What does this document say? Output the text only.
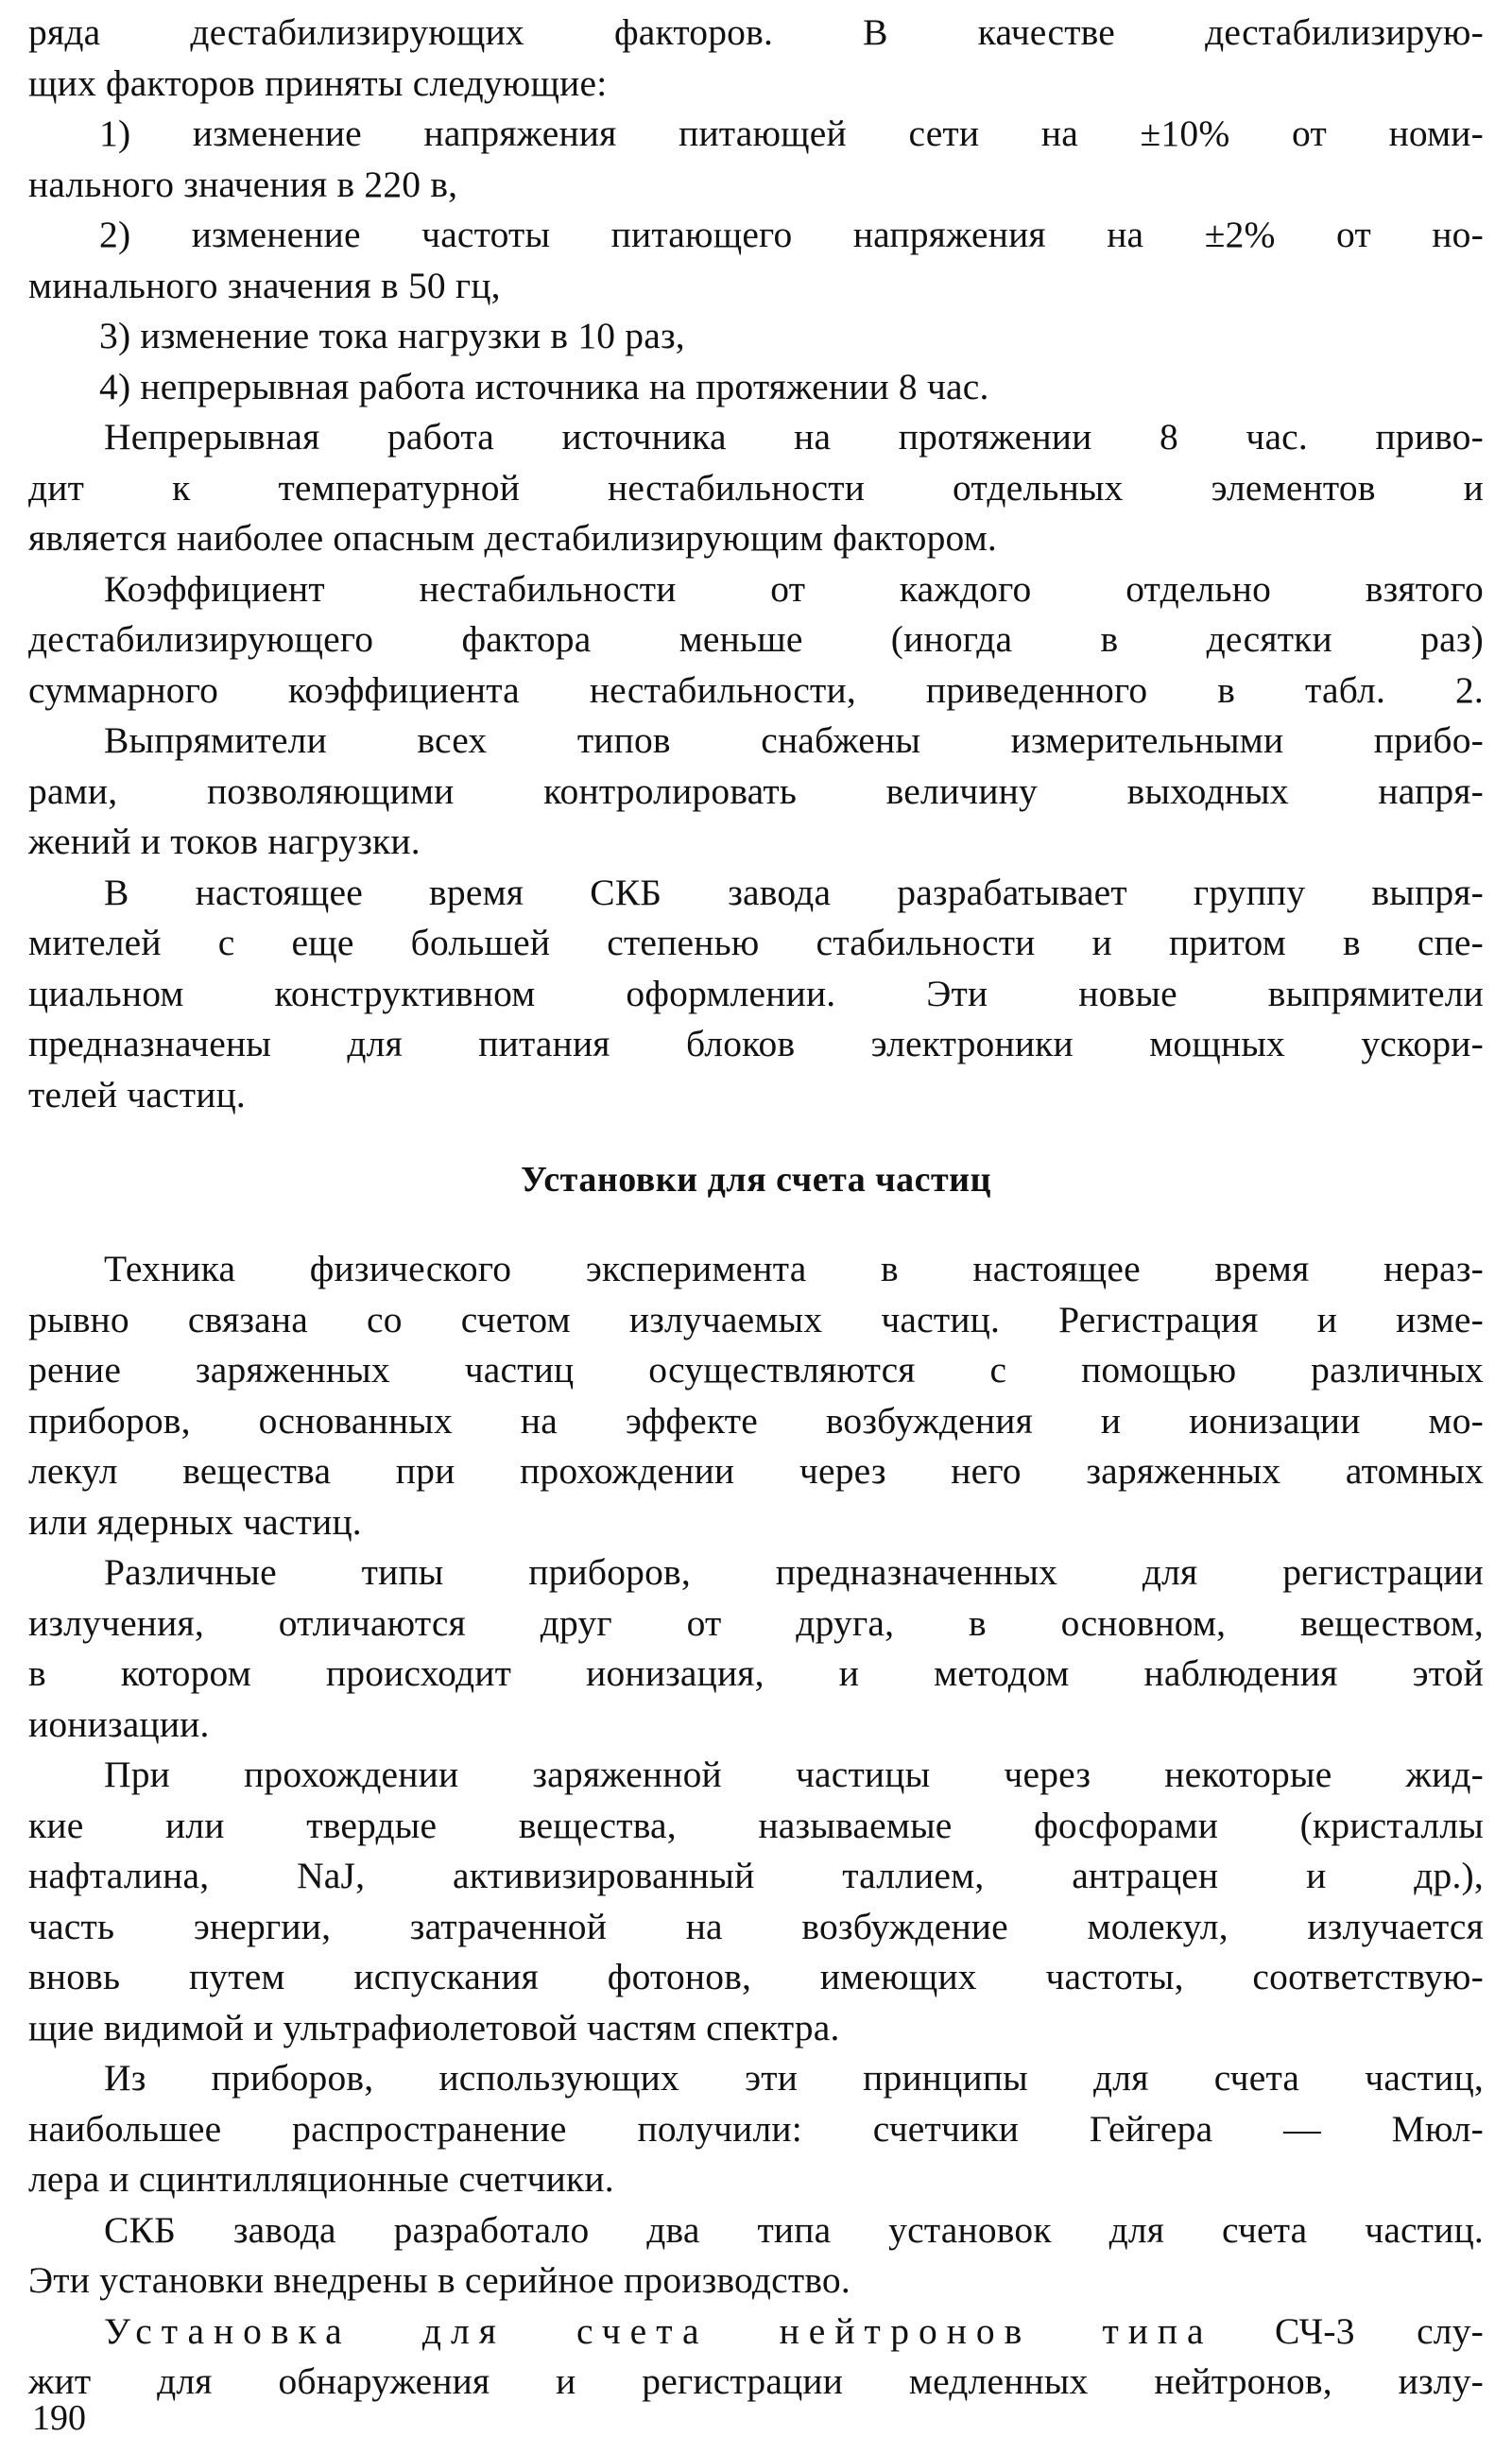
ряда дестабилизирующих факторов. В качестве дестабилизирую-
щих факторов приняты следующие:
1) изменение напряжения питающей сети на ±10% от номи-
нального значения в 220 в,
2) изменение частоты питающего напряжения на ±2% от но-
минального значения в 50 гц,
3) изменение тока нагрузки в 10 раз,
4) непрерывная работа источника на протяжении 8 час.
Непрерывная работа источника на протяжении 8 час. приво-
дит к температурной нестабильности отдельных элементов и
является наиболее опасным дестабилизирующим фактором.
Коэффициент нестабильности от каждого отдельно взятого
дестабилизирующего фактора меньше (иногда в десятки раз)
суммарного коэффициента нестабильности, приведенного в табл. 2.
Выпрямители всех типов снабжены измерительными прибо-
рами, позволяющими контролировать величину выходных напря-
жений и токов нагрузки.
В настоящее время СКБ завода разрабатывает группу выпря-
мителей с еще большей степенью стабильности и притом в спе-
циальном конструктивном оформлении. Эти новые выпрямители
предназначены для питания блоков электроники мощных ускори-
телей частиц.
Установки для счета частиц
Техника физического эксперимента в настоящее время нераз-
рывно связана со счетом излучаемых частиц. Регистрация и изме-
рение заряженных частиц осуществляются с помощью различных
приборов, основанных на эффекте возбуждения и ионизации мо-
лекул вещества при прохождении через него заряженных атомных
или ядерных частиц.
Различные типы приборов, предназначенных для регистрации
излучения, отличаются друг от друга, в основном, веществом,
в котором происходит ионизация, и методом наблюдения этой
ионизации.
При прохождении заряженной частицы через некоторые жид-
кие или твердые вещества, называемые фосфорами (кристаллы
нафталина, NaJ, активизированный таллием, антрацен и др.),
часть энергии, затраченной на возбуждение молекул, излучается
вновь путем испускания фотонов, имеющих частоты, соответствую-
щие видимой и ультрафиолетовой частям спектра.
Из приборов, использующих эти принципы для счета частиц,
наибольшее распространение получили: счетчики Гейгера — Мюл-
лера и сцинтилляционные счетчики.
СКБ завода разработало два типа установок для счета частиц.
Эти установки внедрены в серийное производство.
Установка для счета нейтронов типа СЧ-3 слу-
жит для обнаружения и регистрации медленных нейтронов, излу-
190
